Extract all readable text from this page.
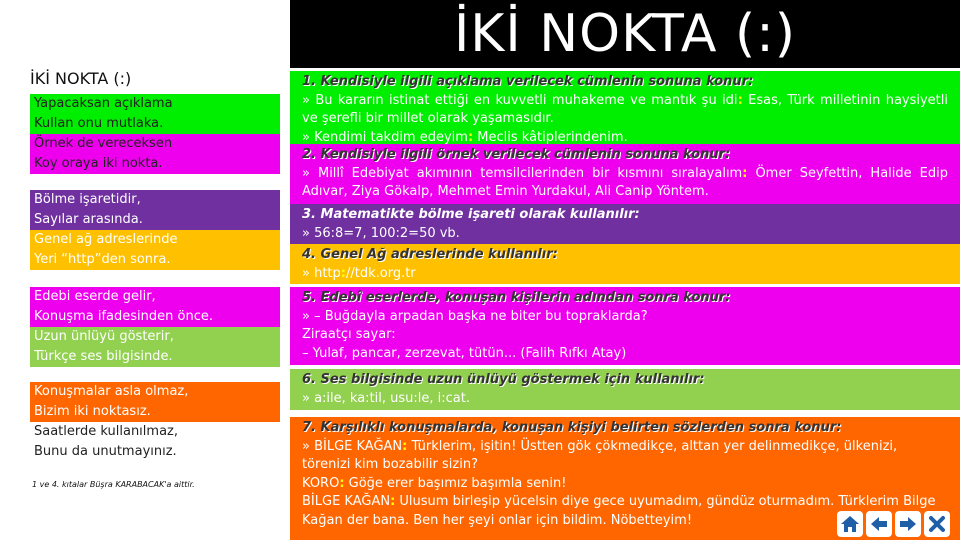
İKİ NOKTA (:)
İKİ NOKTA (:)
Yapacaksan açıklama
Kullan onu mutlaka.
Örnek de vereceksen
Koy oraya iki nokta.
Bölme işaretidir,
Sayılar arasında.
Genel ağ adreslerinde
Yeri “http”den sonra.
Edebi eserde gelir,
Konuşma ifadesinden önce.
Uzun ünlüyü gösterir,
Türkçe ses bilgisinde.
Konuşmalar asla olmaz,
Bizim iki noktasız.
Saatlerde kullanılmaz,
Bunu da unutmayınız.
1 ve 4. kıtalar Büşra KARABACAK'a aittir.
1. Kendisiyle ilgili açıklama verilecek cümlenin sonuna konur:
» Bu kararın istinat ettiği en kuvvetli muhakeme ve mantık şu idi: Esas, Türk milletinin haysiyetli ve şerefli bir millet olarak yaşamasıdır.
» Kendimi takdim edeyim: Meclis kâtiplerindenim.
2. Kendisiyle ilgili örnek verilecek cümlenin sonuna konur:
» Millî Edebiyat akımının temsilcilerinden bir kısmını sıralayalım: Ömer Seyfettin, Halide Edip Adıvar, Ziya Gökalp, Mehmet Emin Yurdakul, Ali Canip Yöntem.
3. Matematikte bölme işareti olarak kullanılır:
» 56:8=7, 100:2=50 vb.
4. Genel Ağ adreslerinde kullanılır:
» http://tdk.org.tr
5. Edebî eserlerde, konuşan kişilerin adından sonra konur:
» – Buğdayla arpadan başka ne biter bu topraklarda?
Ziraatçı sayar:
– Yulaf, pancar, zerzevat, tütün... (Falih Rıfkı Atay)
6. Ses bilgisinde uzun ünlüyü göstermek için kullanılır:
» a:ile, ka:til, usu:le, i:cat.
7. Karşılıklı konuşmalarda, konuşan kişiyi belirten sözlerden sonra konur:
» BİLGE KAĞAN: Türklerim, işitin! Üstten gök çökmedikçe, alttan yer delinmedikçe, ülkenizi, törenizi kim bozabilir sizin?
KORO: Göğe erer başımız başımla senin!
BİLGE KAĞAN: Ulusum birleşip yücelsin diye gece uyumadım, gündüz oturmadım. Türklerim Bilge Kağan der bana. Ben her şeyi onlar için bildim. Nöbetteyim!
